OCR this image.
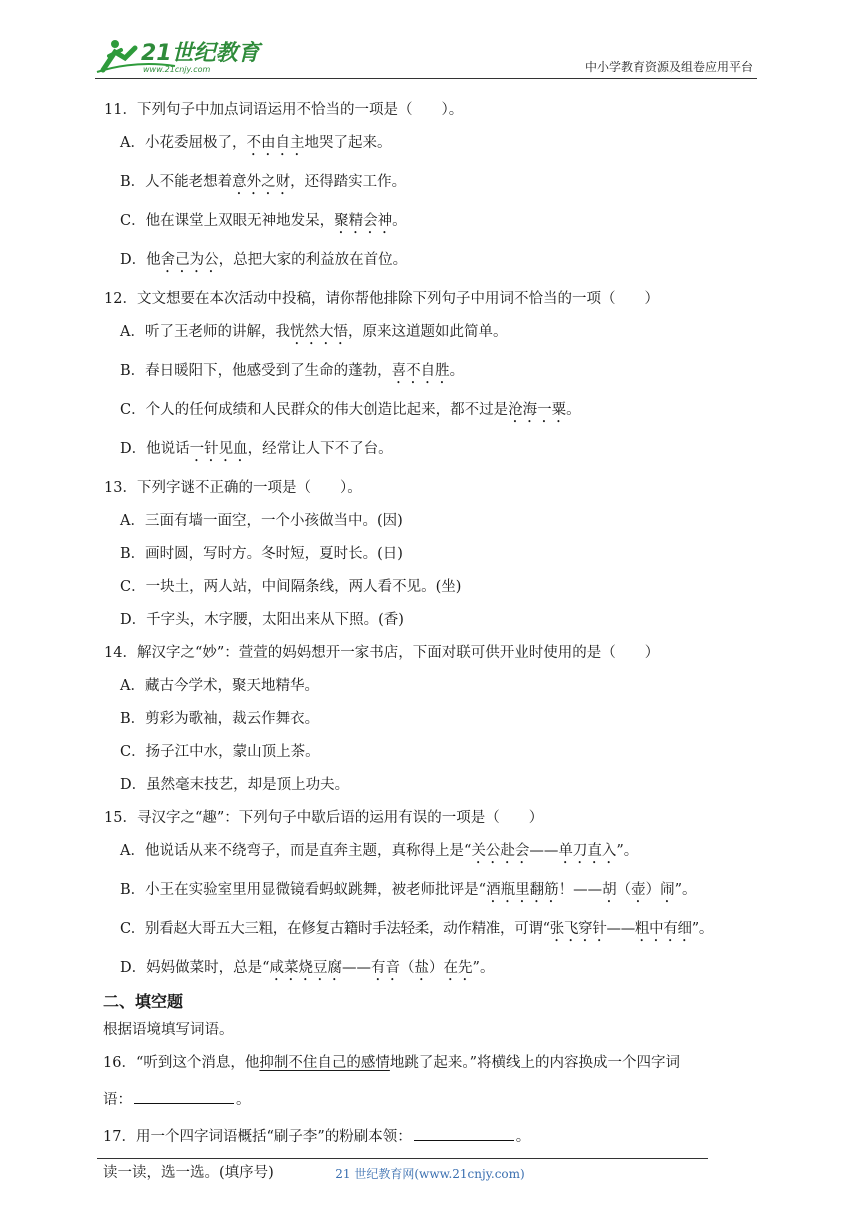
21世纪教育
www.21cnjy.com	中小学教育资源及组卷应用平台
11．下列句子中加点词语运用不恰当的一项是（　　）。
A．小花委屈极了，不由自主地哭了起来。
B．人不能老想着意外之财，还得踏实工作。
C．他在课堂上双眼无神地发呆，聚精会神。
D．他舍己为公，总把大家的利益放在首位。
12．文文想要在本次活动中投稿，请你帮他排除下列句子中用词不恰当的一项（　　）
A．听了王老师的讲解，我恍然大悟，原来这道题如此简单。
B．春日暖阳下，他感受到了生命的蓬勃，喜不自胜。
C．个人的任何成绩和人民群众的伟大创造比起来，都不过是沧海一粟。
D．他说话一针见血，经常让人下不了台。
13．下列字谜不正确的一项是（　　）。
A．三面有墙一面空，一个小孩做当中。(因)
B．画时圆，写时方。冬时短，夏时长。(日)
C．一块土，两人站，中间隔条线，两人看不见。(坐)
D．千字头，木字腰，太阳出来从下照。(香)
14．解汉字之“妙”：萱萱的妈妈想开一家书店，下面对联可供开业时使用的是（　　）
A．藏古今学术，聚天地精华。
B．剪彩为歌袖，裁云作舞衣。
C．扬子江中水，蒙山顶上茶。
D．虽然毫末技艺，却是顶上功夫。
15．寻汉字之“趣”：下列句子中歇后语的运用有误的一项是（　　）
A．他说话从来不绕弯子，而是直奔主题，真称得上是“关公赴会——单刀直入”。
B．小王在实验室里用显微镜看蚂蚁跳舞，被老师批评是“酒瓶里翻筋！——胡（壶）闹”。
C．别看赵大哥五大三粗，在修复古籍时手法轻柔，动作精准，可谓“张飞穿针——粗中有细”。
D．妈妈做菜时，总是“咸菜烧豆腐——有音（盐）在先”。
二、填空题
根据语境填写词语。
16．“听到这个消息，他抑制不住自己的感情地跳了起来。”将横线上的内容换成一个四字词
语：	。
17．用一个四字词语概括“刷子李”的粉刷本领：	。
读一读，选一选。(填序号)	21 世纪教育网(www.21cnjy.com)
